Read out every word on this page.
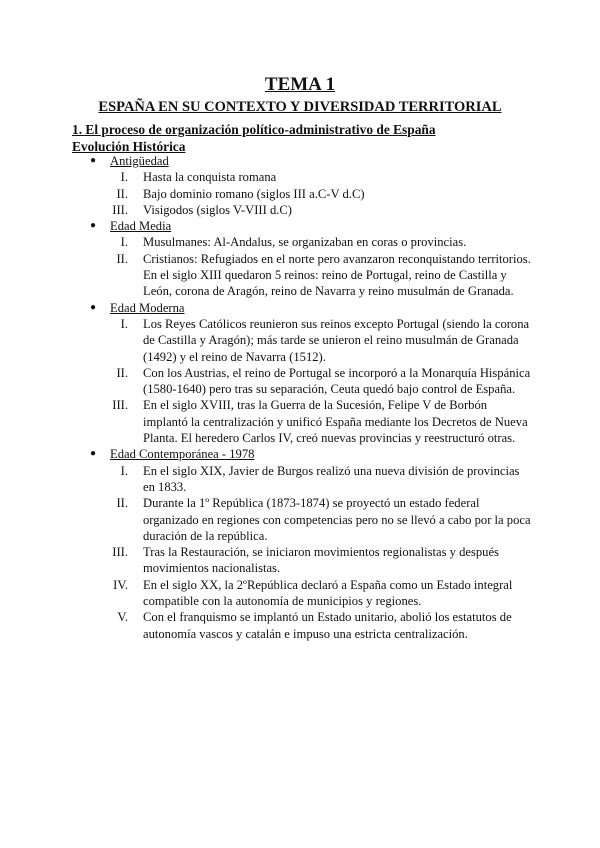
TEMA 1
ESPAÑA EN SU CONTEXTO Y DIVERSIDAD TERRITORIAL
1. El proceso de organización político-administrativo de España
Evolución Histórica
● Antigüedad
I. Hasta la conquista romana
II. Bajo dominio romano (siglos III a.C-V d.C)
III. Visigodos (siglos V-VIII d.C)
● Edad Media
I. Musulmanes: Al-Andalus, se organizaban en coras o provincias.
II. Cristianos: Refugiados en el norte pero avanzaron reconquistando territorios.
En el siglo XIII quedaron 5 reinos: reino de Portugal, reino de Castilla y León, corona de Aragón, reino de Navarra y reino musulmán de Granada.
● Edad Moderna
I. Los Reyes Católicos reunieron sus reinos excepto Portugal (siendo la corona de Castilla y Aragón); más tarde se unieron el reino musulmán de Granada (1492) y el reino de Navarra (1512).
II. Con los Austrias, el reino de Portugal se incorporó a la Monarquía Hispánica (1580-1640) pero tras su separación, Ceuta quedó bajo control de España.
III. En el siglo XVIII, tras la Guerra de la Sucesión, Felipe V de Borbón implantó la centralización y unificó España mediante los Decretos de Nueva Planta. El heredero Carlos IV, creó nuevas provincias y reestructuró otras.
● Edad Contemporánea - 1978
I. En el siglo XIX, Javier de Burgos realizó una nueva división de provincias en 1833.
II. Durante la 1º República (1873-1874) se proyectó un estado federal organizado en regiones con competencias pero no se llevó a cabo por la poca duración de la república.
III. Tras la Restauración, se iniciaron movimientos regionalistas y después movimientos nacionalistas.
IV. En el siglo XX, la 2ºRepública declaró a España como un Estado integral compatible con la autonomía de municipios y regiones.
V. Con el franquismo se implantó un Estado unitario, abolió los estatutos de autonomía vascos y catalán e impuso una estricta centralización.
